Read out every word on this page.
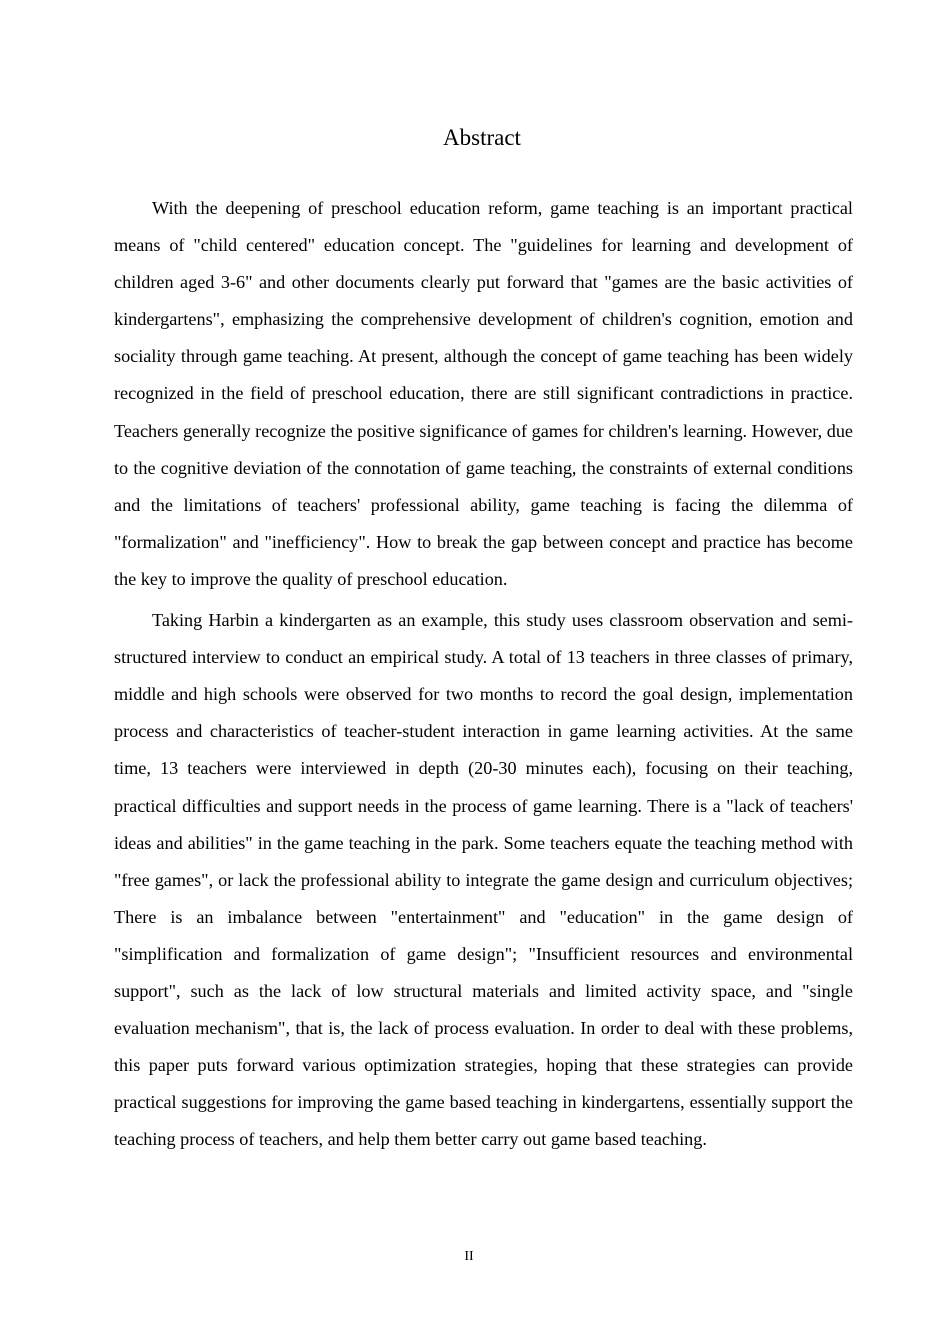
Abstract

With the deepening of preschool education reform, game teaching is an important practical means of "child centered" education concept. The "guidelines for learning and development of children aged 3-6" and other documents clearly put forward that "games are the basic activities of kindergartens", emphasizing the comprehensive development of children's cognition, emotion and sociality through game teaching. At present, although the concept of game teaching has been widely recognized in the field of preschool education, there are still significant contradictions in practice. Teachers generally recognize the positive significance of games for children's learning. However, due to the cognitive deviation of the connotation of game teaching, the constraints of external conditions and the limitations of teachers' professional ability, game teaching is facing the dilemma of "formalization" and "inefficiency". How to break the gap between concept and practice has become the key to improve the quality of preschool education.

Taking Harbin a kindergarten as an example, this study uses classroom observation and semi-structured interview to conduct an empirical study. A total of 13 teachers in three classes of primary, middle and high schools were observed for two months to record the goal design, implementation process and characteristics of teacher-student interaction in game learning activities. At the same time, 13 teachers were interviewed in depth (20-30 minutes each), focusing on their teaching, practical difficulties and support needs in the process of game learning. There is a "lack of teachers' ideas and abilities" in the game teaching in the park. Some teachers equate the teaching method with "free games", or lack the professional ability to integrate the game design and curriculum objectives; There is an imbalance between "entertainment" and "education" in the game design of "simplification and formalization of game design"; "Insufficient resources and environmental support", such as the lack of low structural materials and limited activity space, and "single evaluation mechanism", that is, the lack of process evaluation. In order to deal with these problems, this paper puts forward various optimization strategies, hoping that these strategies can provide practical suggestions for improving the game based teaching in kindergartens, essentially support the teaching process of teachers, and help them better carry out game based teaching.

II
